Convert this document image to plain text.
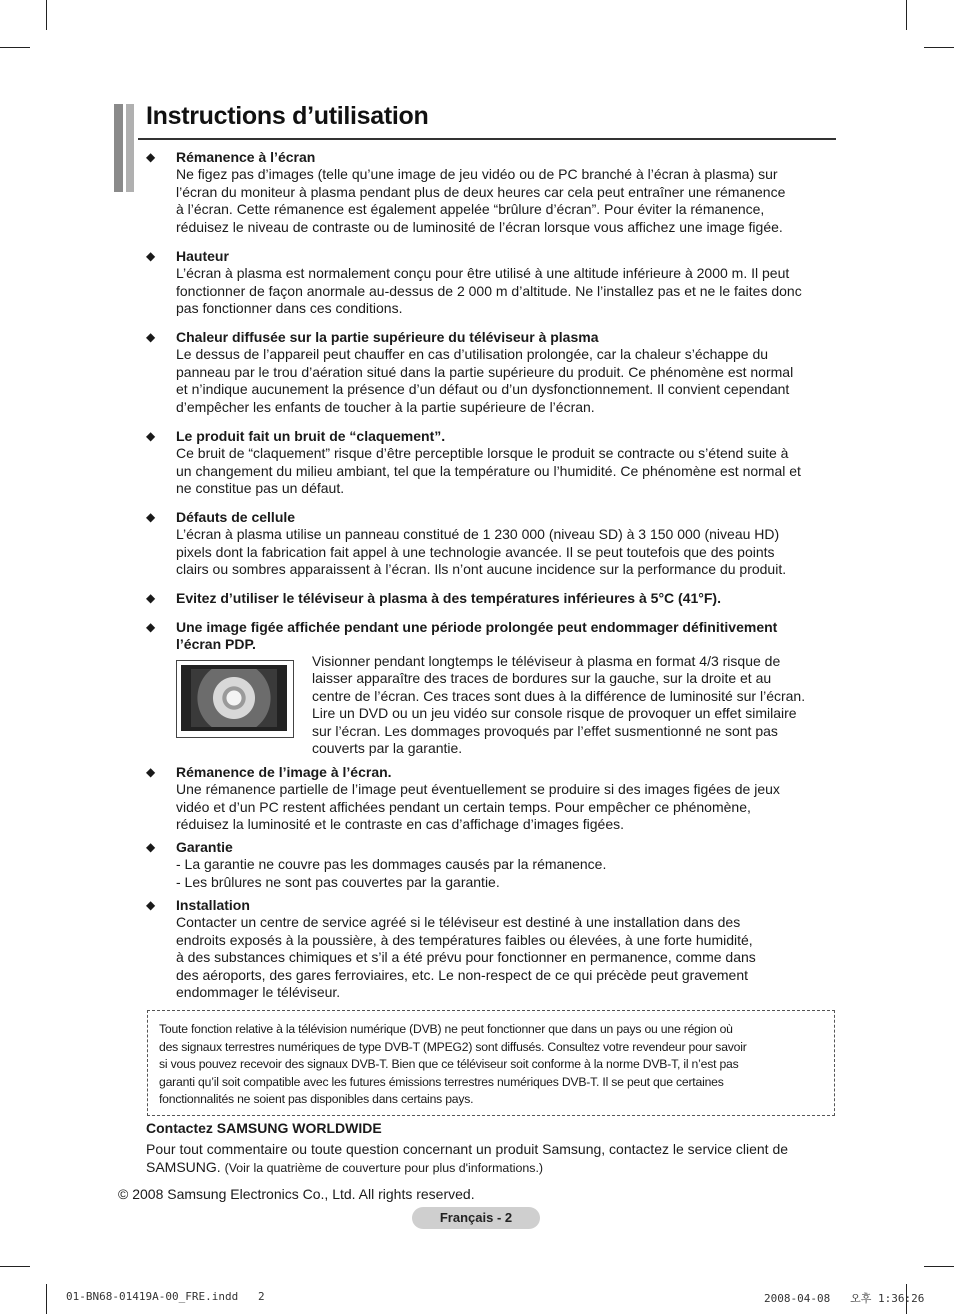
Instructions d’utilisation
◆ Rémanence à l’écran
Ne figez pas d’images (telle qu’une image de jeu vidéo ou de PC branché à l’écran à plasma) sur
l’écran du moniteur à plasma pendant plus de deux heures car cela peut entraîner une rémanence
à l’écran. Cette rémanence est également appelée “brûlure d’écran”. Pour éviter la rémanence,
réduisez le niveau de contraste ou de luminosité de l’écran lorsque vous affichez une image figée.
◆ Hauteur
L’écran à plasma est normalement conçu pour être utilisé à une altitude inférieure à 2000 m. Il peut
fonctionner de façon anormale au-dessus de 2 000 m d’altitude. Ne l’installez pas et ne le faites donc
pas fonctionner dans ces conditions.
◆ Chaleur diffusée sur la partie supérieure du téléviseur à plasma
Le dessus de l’appareil peut chauffer en cas d’utilisation prolongée, car la chaleur s’échappe du
panneau par le trou d’aération situé dans la partie supérieure du produit. Ce phénomène est normal
et n’indique aucunement la présence d’un défaut ou d’un dysfonctionnement. Il convient cependant
d’empêcher les enfants de toucher à la partie supérieure de l’écran.
◆ Le produit fait un bruit de “claquement”.
Ce bruit de “claquement” risque d’être perceptible lorsque le produit se contracte ou s’étend suite à
un changement du milieu ambiant, tel que la température ou l’humidité. Ce phénomène est normal et
ne constitue pas un défaut.
◆ Défauts de cellule
L’écran à plasma utilise un panneau constitué de 1 230 000 (niveau SD) à 3 150 000 (niveau HD)
pixels dont la fabrication fait appel à une technologie avancée. Il se peut toutefois que des points
clairs ou sombres apparaissent à l’écran. Ils n’ont aucune incidence sur la performance du produit.
◆ Evitez d’utiliser le téléviseur à plasma à des températures inférieures à 5°C (41°F).
◆ Une image figée affichée pendant une période prolongée peut endommager définitivement l’écran PDP.
Visionner pendant longtemps le téléviseur à plasma en format 4/3 risque de
laisser apparaître des traces de bordures sur la gauche, sur la droite et au
centre de l’écran. Ces traces sont dues à la différence de luminosité sur l’écran.
Lire un DVD ou un jeu vidéo sur console risque de provoquer un effet similaire
sur l’écran. Les dommages provoqués par l’effet susmentionné ne sont pas
couverts par la garantie.
◆ Rémanence de l’image à l’écran.
Une rémanence partielle de l’image peut éventuellement se produire si des images figées de jeux
vidéo et d’un PC restent affichées pendant un certain temps. Pour empêcher ce phénomène,
réduisez la luminosité et le contraste en cas d’affichage d’images figées.
◆ Garantie
- La garantie ne couvre pas les dommages causés par la rémanence.
- Les brûlures ne sont pas couvertes par la garantie.
◆ Installation
Contacter un centre de service agréé si le téléviseur est destiné à une installation dans des
endroits exposés à la poussière, à des températures faibles ou élevées, à une forte humidité,
à des substances chimiques et s’il a été prévu pour fonctionner en permanence, comme dans
des aéroports, des gares ferroviaires, etc. Le non-respect de ce qui précède peut gravement
endommager le téléviseur.
Toute fonction relative à la télévision numérique (DVB) ne peut fonctionner que dans un pays ou une région où
des signaux terrestres numériques de type DVB-T (MPEG2) sont diffusés. Consultez votre revendeur pour savoir
si vous pouvez recevoir des signaux DVB-T. Bien que ce téléviseur soit conforme à la norme DVB-T, il n’est pas
garanti qu’il soit compatible avec les futures émissions terrestres numériques DVB-T. Il se peut que certaines
fonctionnalités ne soient pas disponibles dans certains pays.
Contactez SAMSUNG WORLDWIDE
Pour tout commentaire ou toute question concernant un produit Samsung, contactez le service client de
SAMSUNG. (Voir la quatrième de couverture pour plus d'informations.)
© 2008 Samsung Electronics Co., Ltd. All rights reserved.
Français - 2
01-BN68-01419A-00_FRE.indd   2	2008-04-08   오후 1:36:26
